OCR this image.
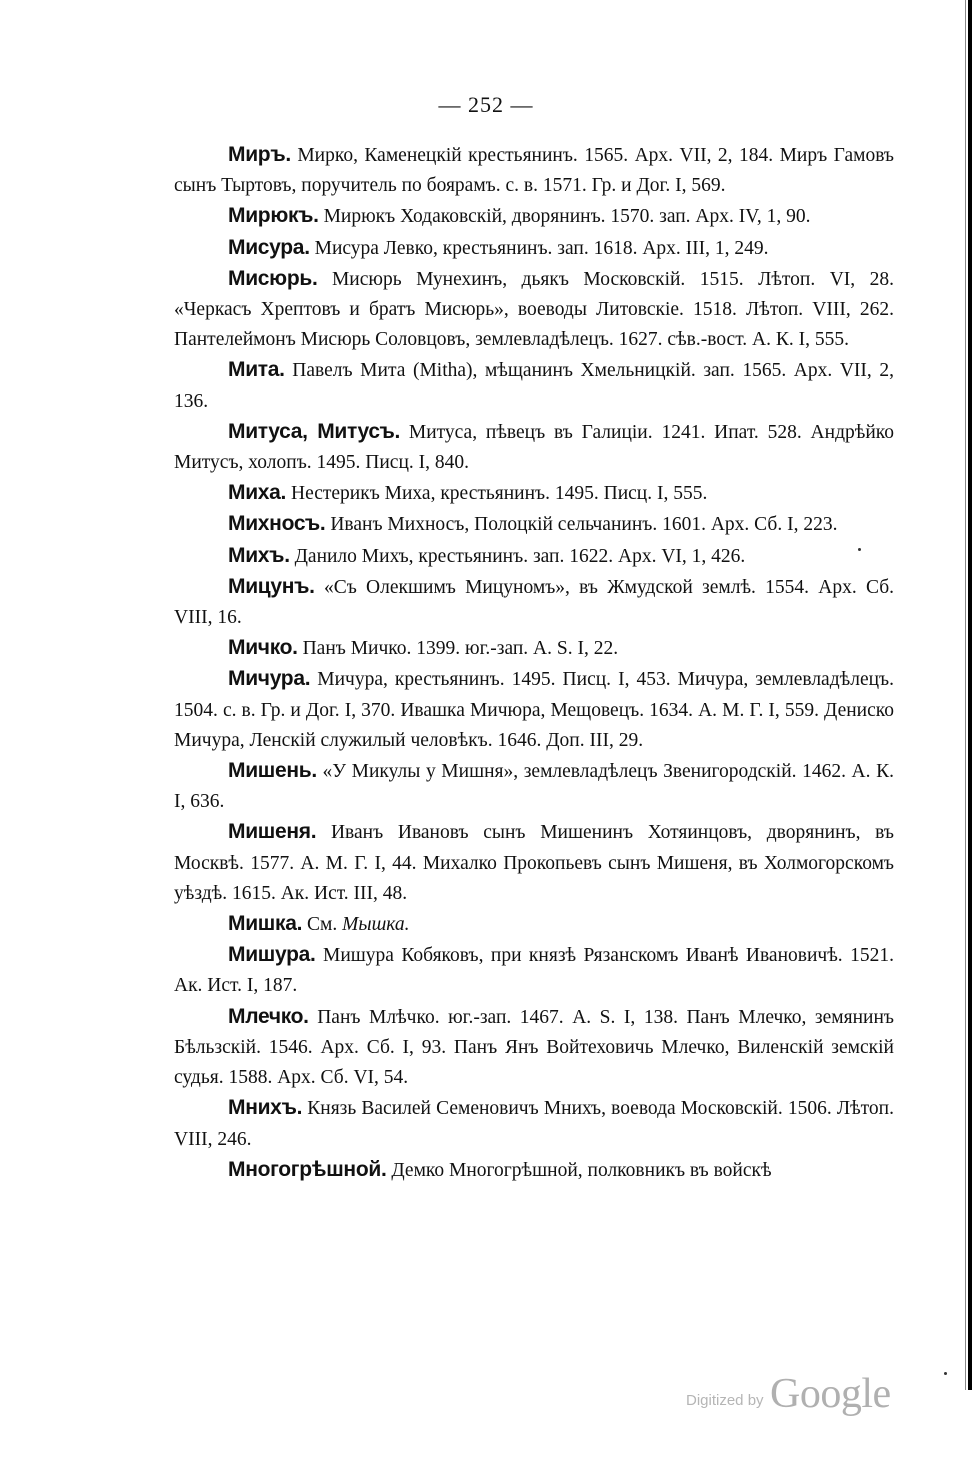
— 252 —

Миръ. Мирко, Каменецкій крестьянинъ. 1565. Арх. VII, 2, 184. Миръ Гамовъ сынъ Тыртовъ, поручитель по боярамъ. с. в. 1571. Гр. и Дог. I, 569.

Мирюкъ. Мирюкъ Ходаковскій, дворянинъ. 1570. зап. Арх. IV, 1, 90.

Мисура. Мисура Левко, крестьянинъ. зап. 1618. Арх. III, 1, 249.

Мисюрь. Мисюрь Мунехинъ, дьякъ Московскій. 1515. Лѣтоп. VI, 28. «Черкасъ Хрептовъ и братъ Мисюрь», воеводы Литовскіе. 1518. Лѣтоп. VIII, 262. Пантелеймонъ Мисюрь Соловцовъ, землевладѣлецъ. 1627. сѣв.-вост. А. К. I, 555.

Мита. Павелъ Мита (Mitha), мѣщанинъ Хмельницкій. зап. 1565. Арх. VII, 2, 136.

Митуса, Митусъ. Митуса, пѣвецъ въ Галиціи. 1241. Ипат. 528. Андрѣйко Митусъ, холопъ. 1495. Писц. I, 840.

Миха. Нестерикъ Миха, крестьянинъ. 1495. Писц. I, 555.

Михносъ. Иванъ Михносъ, Полоцкій сельчанинъ. 1601. Арх. Сб. I, 223.

Михъ. Данило Михъ, крестьянинъ. зап. 1622. Арх. VI, 1, 426.

Мицунъ. «Съ Олекшимъ Мицуномъ», въ Жмудской землѣ. 1554. Арх. Сб. VIII, 16.

Мичко. Панъ Мичко. 1399. юг.-зап. А. S. I, 22.

Мичура. Мичура, крестьянинъ. 1495. Писц. I, 453. Мичура, землевладѣлецъ. 1504. с. в. Гр. и Дог. I, 370. Ивашка Мичюра, Мещовецъ. 1634. А. М. Г. I, 559. Дениско Мичура, Ленскій служилый человѣкъ. 1646. Доп. III, 29.

Мишень. «У Микулы у Мишня», землевладѣлецъ Звенигородскій. 1462. А. К. I, 636.

Мишеня. Иванъ Ивановъ сынъ Мишенинъ Хотяинцовъ, дворянинъ, въ Москвѣ. 1577. А. М. Г. I, 44. Михалко Прокопьевъ сынъ Мишеня, въ Холмогорскомъ уѣздѣ. 1615. Ак. Ист. III, 48.

Мишка. См. Мышка.

Мишура. Мишура Кобяковъ, при князѣ Рязанскомъ Иванѣ Ивановичѣ. 1521. Ак. Ист. I, 187.

Млечко. Панъ Млѣчко. юг.-зап. 1467. А. S. I, 138. Панъ Млечко, земянинъ Бѣльзскій. 1546. Арх. Сб. I, 93. Панъ Янъ Войтеховичь Млечко, Виленскій земскій судья. 1588. Арх. Сб. VI, 54.

Мнихъ. Князь Василей Семеновичъ Мнихъ, воевода Московскій. 1506. Лѣтоп. VIII, 246.

Многогрѣшной. Демко Многогрѣшной, полковникъ въ войскѣ

Digitized by Google
